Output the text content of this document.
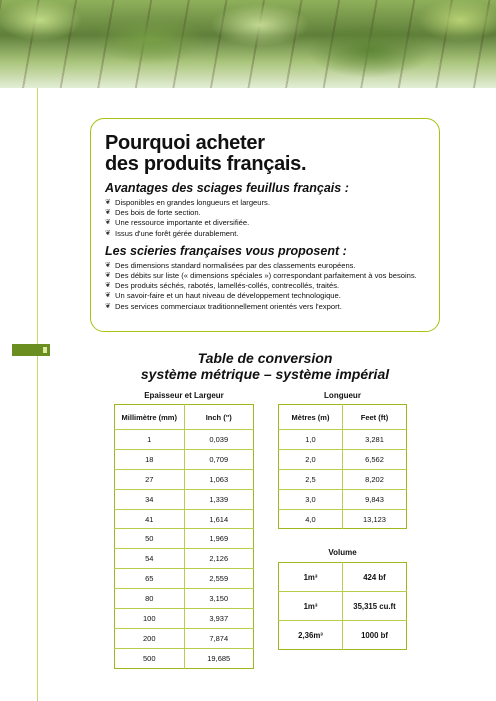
Pourquoi acheter
des produits français.
Avantages des sciages feuillus français :
❦ Disponibles en grandes longueurs et largeurs.
❦ Des bois de forte section.
❦ Une ressource importante et diversifiée.
❦ Issus d'une forêt gérée durablement.
Les scieries françaises vous proposent :
❦ Des dimensions standard normalisées par des classements européens.
❦ Des débits sur liste (« dimensions spéciales ») correspondant parfaitement à vos besoins.
❦ Des produits séchés, rabotés, lamellés-collés, contrecollés, traités.
❦ Un savoir-faire et un haut niveau de développement technologique.
❦ Des services commerciaux traditionnellement orientés vers l'export.
Table de conversion
système métrique – système impérial
Epaisseur et Largeur
Millimètre (mm)	Inch (")
1	0,039
18	0,709
27	1,063
34	1,339
41	1,614
50	1,969
54	2,126
65	2,559
80	3,150
100	3,937
200	7,874
500	19,685
Longueur
Mètres (m)	Feet (ft)
1,0	3,281
2,0	6,562
2,5	8,202
3,0	9,843
4,0	13,123
Volume
1m³	424 bf
1m³	35,315 cu.ft
2,36m³	1000 bf
